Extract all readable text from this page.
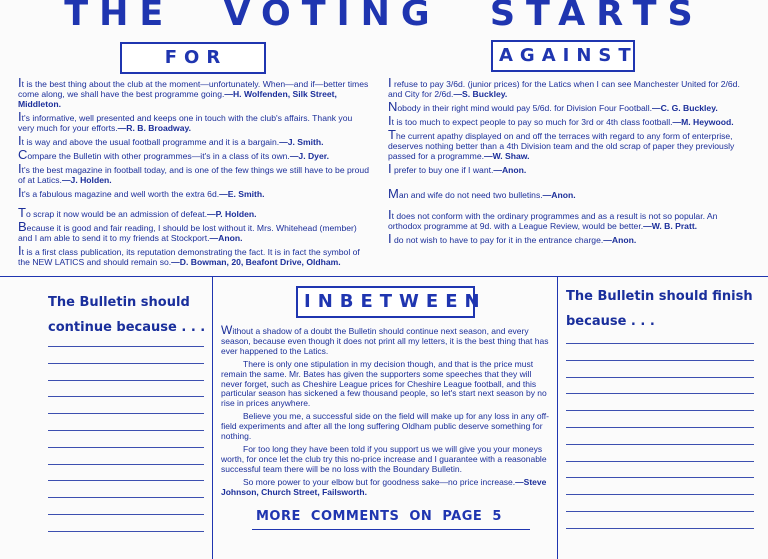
THE VOTING STARTS
FOR	AGAINST
It is the best thing about the club at the moment—unfortunately. When—and if—better times come along, we shall have the best programme going.—H. Wolfenden, Silk Street, Middleton.
It's informative, well presented and keeps one in touch with the club's affairs. Thank you very much for your efforts.—R. B. Broadway.
It is way and above the usual football programme and it is a bargain.—J. Smith.
Compare the Bulletin with other programmes—it's in a class of its own.—J. Dyer.
It's the best magazine in football today, and is one of the few things we still have to be proud of at Latics.—J. Holden.
It's a fabulous magazine and well worth the extra 6d.—E. Smith.
To scrap it now would be an admission of defeat.—P. Holden.
Because it is good and fair reading, I should be lost without it. Mrs. Whitehead (member) and I am able to send it to my friends at Stockport.—Anon.
It is a first class publication, its reputation demonstrating the fact. It is in fact the symbol of the NEW LATICS and should remain so.—D. Bowman, 20, Beafont Drive, Oldham.
I refuse to pay 3/6d. (junior prices) for the Latics when I can see Manchester United for 2/6d. and City for 2/6d.—S. Buckley.
Nobody in their right mind would pay 5/6d. for Division Four Football.—C. G. Buckley.
It is too much to expect people to pay so much for 3rd or 4th class football.—M. Heywood.
The current apathy displayed on and off the terraces with regard to any form of enterprise, deserves nothing better than a 4th Division team and the old scrap of paper they previously passed for a programme.—W. Shaw.
I prefer to buy one if I want.—Anon.
Man and wife do not need two bulletins.—Anon.
It does not conform with the ordinary programmes and as a result is not so popular. An orthodox programme at 9d. with a League Review, would be better.—W. B. Pratt.
I do not wish to have to pay for it in the entrance charge.—Anon.
The Bulletin should continue because . . .
INBETWEEN

Without a shadow of a doubt the Bulletin should continue next season, and every season, because even though it does not print all my letters, it is the best thing that has ever happened to the Latics.

There is only one stipulation in my decision though, and that is the price must remain the same. Mr. Bates has given the supporters some speeches that they will never forget, such as Cheshire League prices for Cheshire League football, and this particular season has sickened a few thousand people, so let's start next season by no rise in prices anywhere.

Believe you me, a successful side on the field will make up for any loss in any off-field experiments and after all the long suffering Oldham public deserve something for nothing.

For too long they have been told if you support us we will give you your moneys worth, for once let the club try this no-price increase and I guarantee with a reasonable successful team there will be no loss with the Boundary Bulletin.

So more power to your elbow but for goodness sake—no price increase.—Steve Johnson, Church Street, Failsworth.

MORE COMMENTS ON PAGE 5
The Bulletin should finish because . . .
